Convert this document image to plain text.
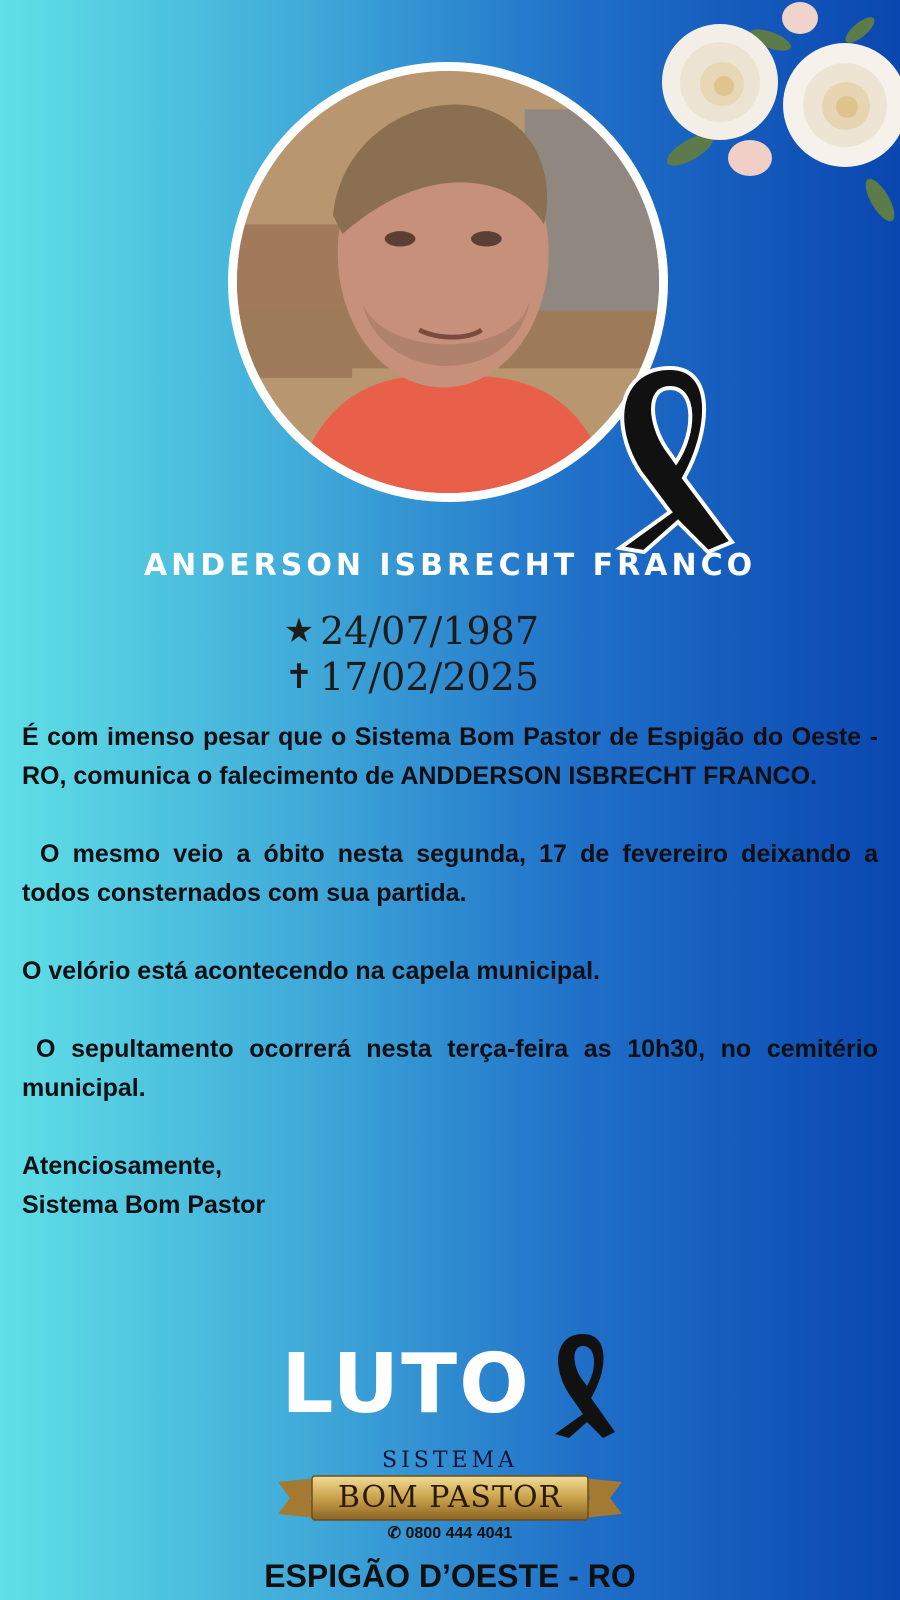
ANDERSON ISBRECHT FRANCO
★ 24/07/1987
✝ 17/02/2025

É com imenso pesar que o Sistema Bom Pastor de Espigão do Oeste - RO, comunica o falecimento de ANDDERSON ISBRECHT FRANCO.

O mesmo veio a óbito nesta segunda, 17 de fevereiro deixando a todos consternados com sua partida.

O velório está acontecendo na capela municipal.

O sepultamento ocorrerá nesta terça-feira as 10h30, no cemitério municipal.

Atenciosamente,

Sistema Bom Pastor

LUTO
SISTEMA
BOM PASTOR
✆ 0800 444 4041
ESPIGÃO D’OESTE - RO
